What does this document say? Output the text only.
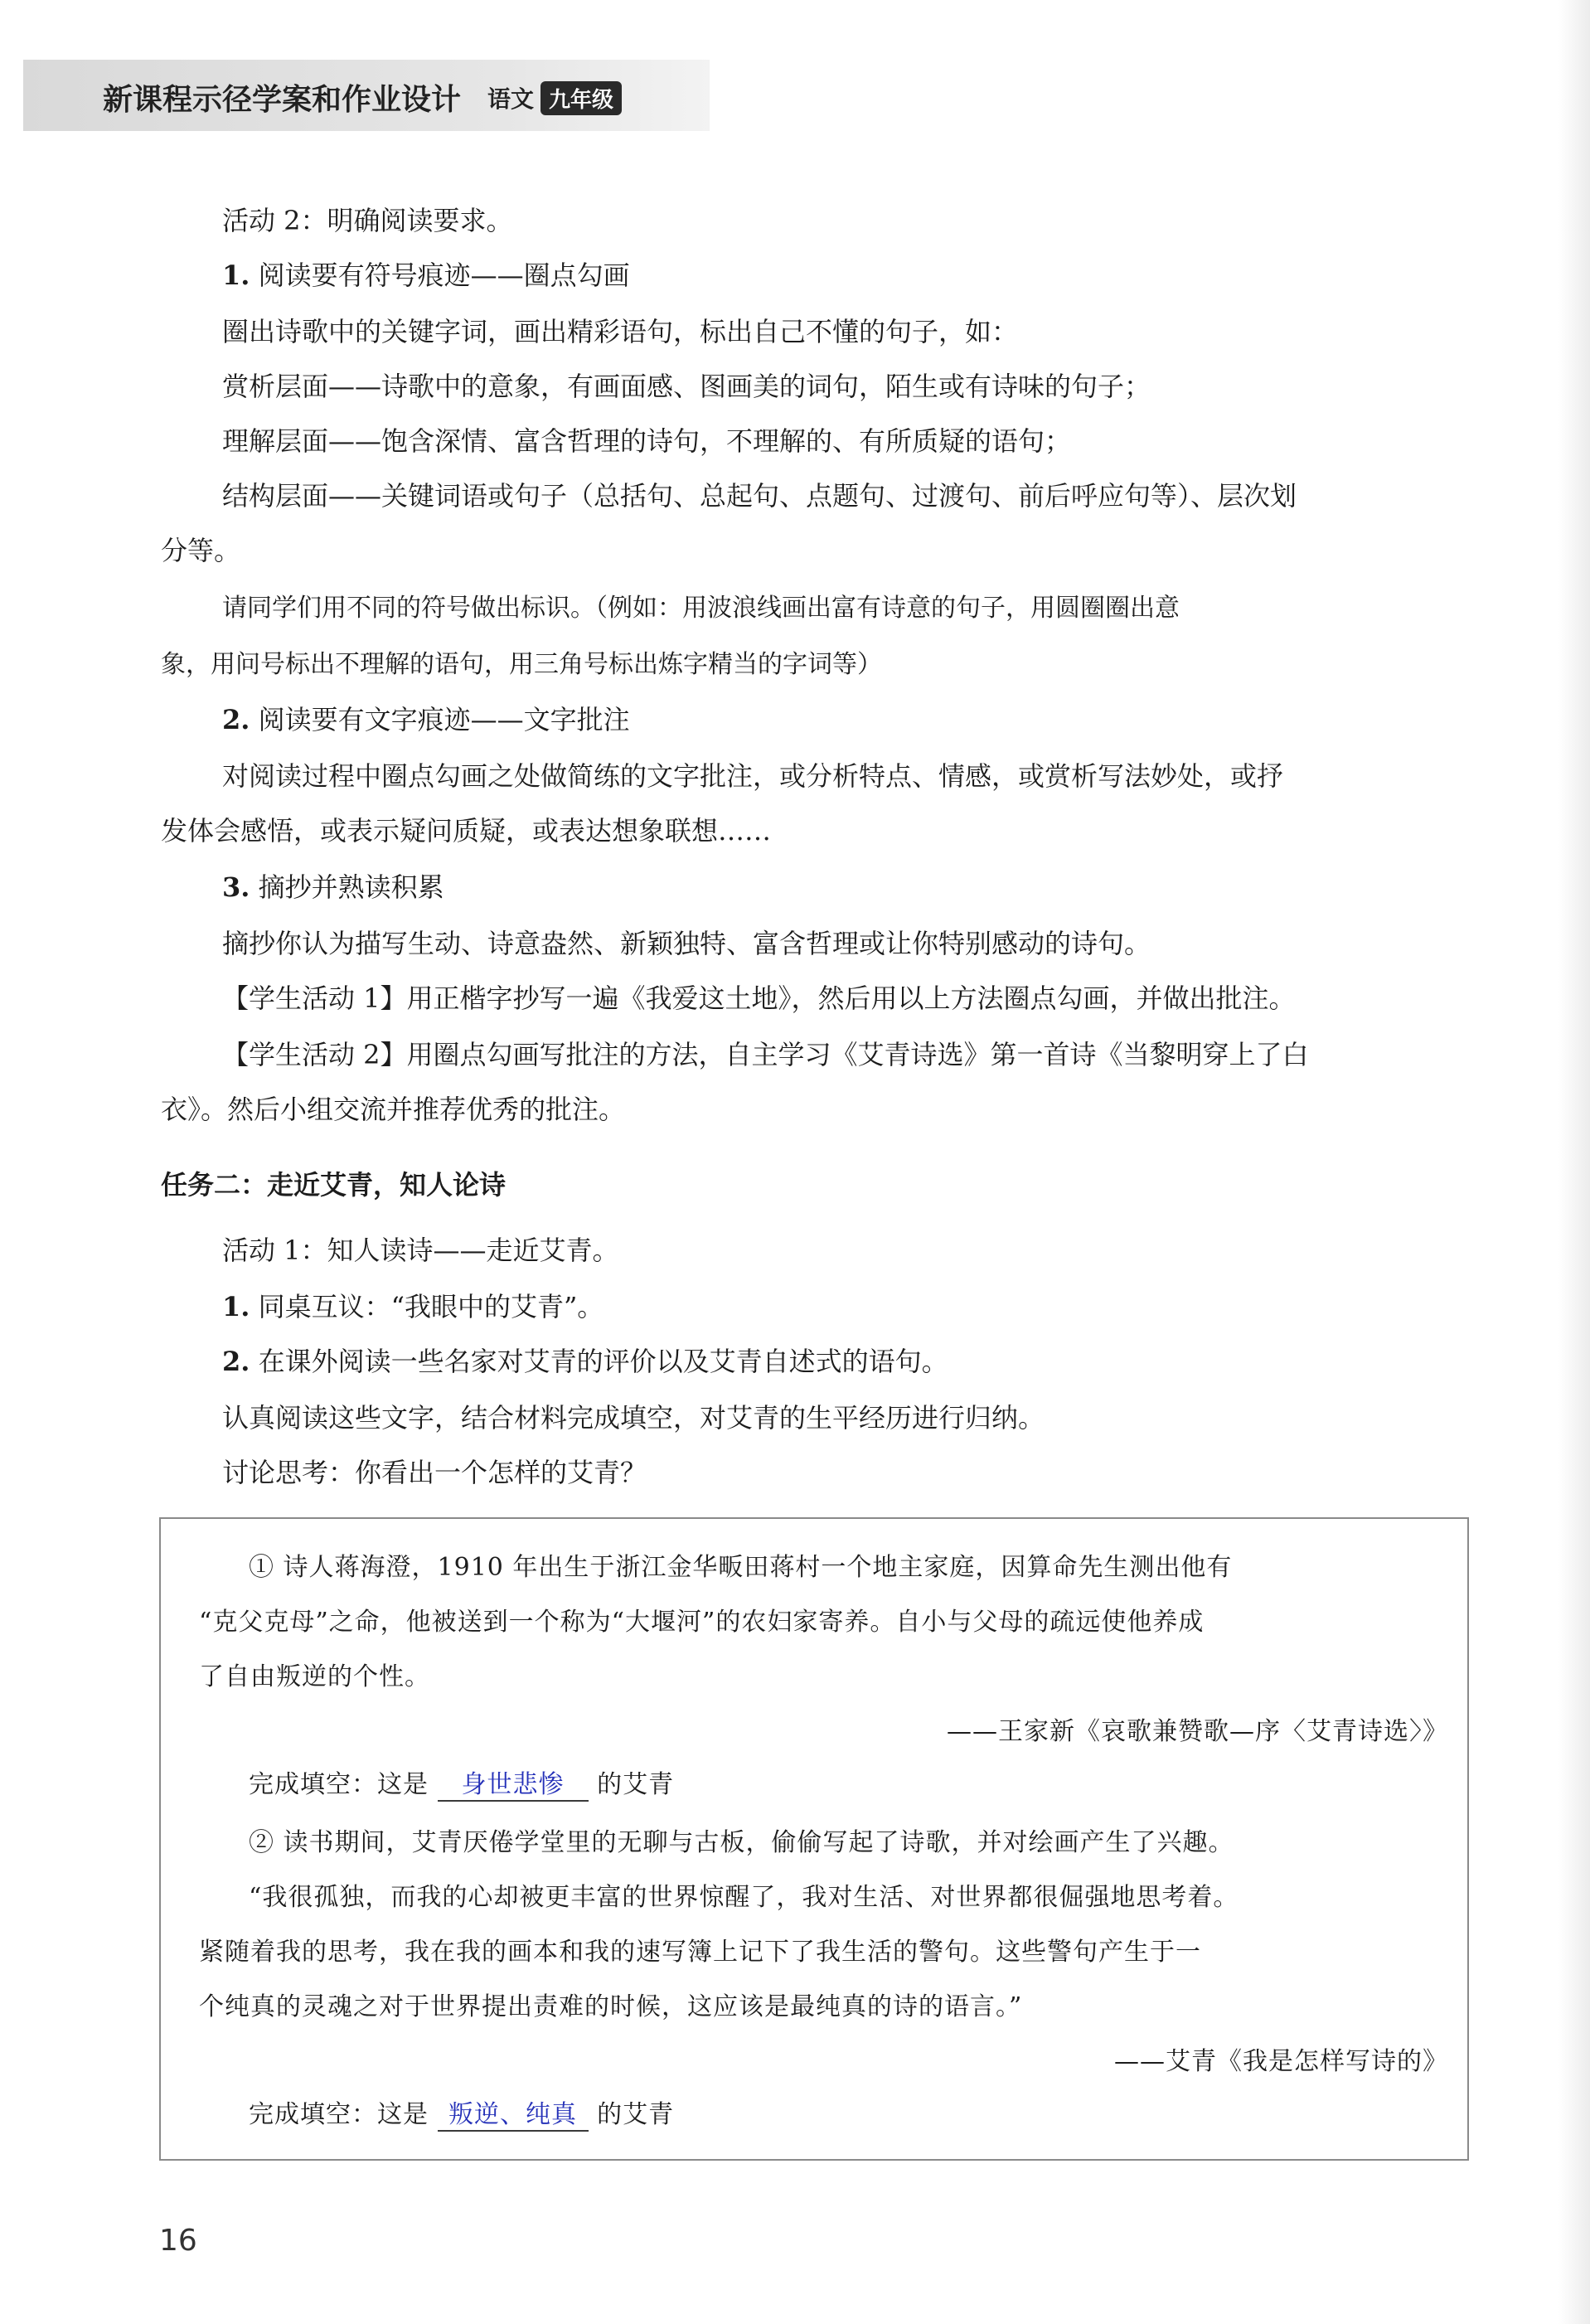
新课程示径学案和作业设计 语文 九年级
活动 2：明确阅读要求。
1. 阅读要有符号痕迹——圈点勾画
圈出诗歌中的关键字词，画出精彩语句，标出自己不懂的句子，如：
赏析层面——诗歌中的意象，有画面感、图画美的词句，陌生或有诗味的句子；
理解层面——饱含深情、富含哲理的诗句，不理解的、有所质疑的语句；
结构层面——关键词语或句子（总括句、总起句、点题句、过渡句、前后呼应句等）、层次划
分等。
请同学们用不同的符号做出标识。（例如：用波浪线画出富有诗意的句子，用圆圈圈出意
象，用问号标出不理解的语句，用三角号标出炼字精当的字词等）
2. 阅读要有文字痕迹——文字批注
对阅读过程中圈点勾画之处做简练的文字批注，或分析特点、情感，或赏析写法妙处，或抒
发体会感悟，或表示疑问质疑，或表达想象联想……
3. 摘抄并熟读积累
摘抄你认为描写生动、诗意盎然、新颖独特、富含哲理或让你特别感动的诗句。
【学生活动 1】用正楷字抄写一遍《我爱这土地》，然后用以上方法圈点勾画，并做出批注。
【学生活动 2】用圈点勾画写批注的方法，自主学习《艾青诗选》第一首诗《当黎明穿上了白
衣》。然后小组交流并推荐优秀的批注。
任务二：走近艾青，知人论诗
活动 1：知人读诗——走近艾青。
1. 同桌互议：“我眼中的艾青”。
2. 在课外阅读一些名家对艾青的评价以及艾青自述式的语句。
认真阅读这些文字，结合材料完成填空，对艾青的生平经历进行归纳。
讨论思考：你看出一个怎样的艾青？
① 诗人蒋海澄，1910 年出生于浙江金华畈田蒋村一个地主家庭，因算命先生测出他有
“克父克母”之命，他被送到一个称为“大堰河”的农妇家寄养。自小与父母的疏远使他养成
了自由叛逆的个性。
——王家新《哀歌兼赞歌—序〈艾青诗选〉》
完成填空：这是 身世悲惨 的艾青
② 读书期间，艾青厌倦学堂里的无聊与古板，偷偷写起了诗歌，并对绘画产生了兴趣。
“我很孤独，而我的心却被更丰富的世界惊醒了，我对生活、对世界都很倔强地思考着。
紧随着我的思考，我在我的画本和我的速写簿上记下了我生活的警句。这些警句产生于一
个纯真的灵魂之对于世界提出责难的时候，这应该是最纯真的诗的语言。”
——艾青《我是怎样写诗的》
完成填空：这是 叛逆、纯真 的艾青
16
